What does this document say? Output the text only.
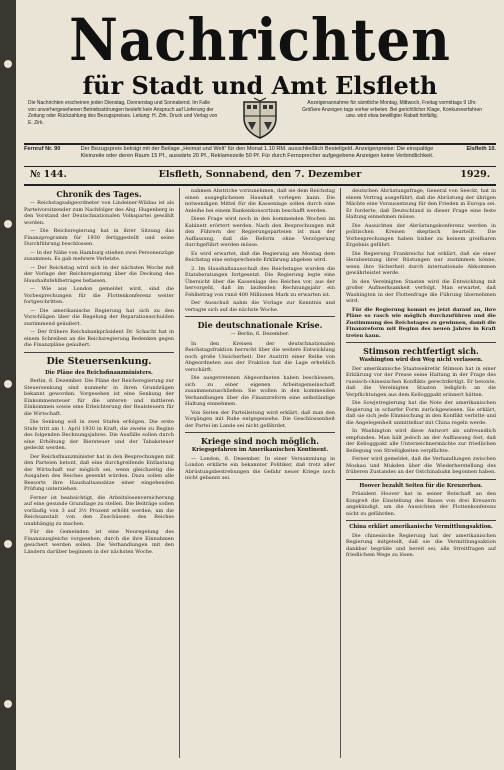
Nachrichten
für Stadt und Amt Elsfleth
Die Nachrichten erscheinen jeden Dienstag, Donnerstag und Sonnabend. Im Falle von unvorhergesehenen Betriebsstörungen besteht kein Anspruch auf Lieferung der Zeitung oder Rückzahlung des Bezugspreises. Leitung: H. Zirk. Druck und Verlag von E. Zirk.
Anzeigenannahme für sämtliche Montag, Mittwoch, Freitag vormittags 9 Uhr. Größere Anzeigen tags vorher erbeten. Bei gerichtlicher Klage, Konkursverfahren usw. wird etwa bewilligter Rabatt hinfällig.
Fernruf Nr. 90	Der Bezugspreis beträgt mit der Beilage „Heimat und Welt“ für den Monat 1.10 RM. ausschließlich Bestellgeld. Anzeigenpreise: Die einspaltige Kleinzeile oder deren Raum 15 Pf., auswärts 20 Pf., Reklamezeile 50 Pf. Für durch Fernsprecher aufgegebene Anzeigen keine Verbindlichkeit.
Elsfleth 10.
№ 144.	Elsfleth, Sonnabend, den 7. Dezember	1929.
Chronik des Tages.

— Reichstagsabgeordneter von Lindeiner-Wildau ist als Parteivorsitzender zum Nachfolger des Abg. Hugenberg in den Vorstand der Deutschnationalen Volkspartei gewählt worden.

— Die Reichsregierung hat in ihrer Sitzung das Finanzprogramm für 1930 fertiggestellt und seine Durchführung beschlossen.

— In der Nähe von Hamburg stießen zwei Personenzüge zusammen. Es gab mehrere Verletzte.

— Der Reichstag wird sich in der nächsten Woche mit der Vorlage der Reichsregierung über die Deckung des Haushaltsfehlbetrages befassen.

— Wie aus London gemeldet wird, sind die Vorbesprechungen für die Flottenkonferenz weiter fortgeschritten.

— Die amerikanische Regierung hat sich zu den Vorschlägen über die Regelung der Reparationsschulden zustimmend geäußert.

— Der frühere Reichsbankpräsident Dr. Schacht hat in einem Schreiben an die Reichsregierung Bedenken gegen die Finanzpläne geäußert.

Die Steuersenkung.
Die Pläne des Reichsfinanzministers.

Berlin, 6. Dezember. Die Pläne der Reichsregierung zur Steuersenkung sind nunmehr in ihren Grundzügen bekannt geworden. Vorgesehen ist eine Senkung der Einkommensteuer für die unteren und mittleren Einkommen sowie eine Erleichterung der Realsteuern für die Wirtschaft.

Die Senkung soll in zwei Stufen erfolgen. Die erste Stufe tritt am 1. April 1930 in Kraft, die zweite zu Beginn des folgenden Rechnungsjahres. Die Ausfälle sollen durch eine Erhöhung der Biersteuer und der Tabaksteuer gedeckt werden.

Der Reichsfinanzminister hat in den Besprechungen mit den Parteien betont, daß eine durchgreifende Entlastung der Wirtschaft nur möglich sei, wenn gleichzeitig die Ausgaben des Reiches gesenkt würden. Dazu sollen alle Ressorts ihre Haushaltsansätze einer eingehenden Prüfung unterziehen.

Ferner ist beabsichtigt, die Arbeitslosenversicherung auf eine gesunde Grundlage zu stellen. Die Beiträge sollen vorläufig von 3 auf 3½ Prozent erhöht werden, um die Reichsanstalt von den Zuschüssen des Reiches unabhängig zu machen.

Für die Gemeinden ist eine Neuregelung des Finanzausgleichs vorgesehen, durch die ihre Einnahmen gesichert werden sollen. Die Verhandlungen mit den Ländern darüber beginnen in der nächsten Woche.

nahmen Abstriche vorzunehmen, daß sie dem Reichstag einen ausgeglichenen Haushalt vorlegen kann. Die notwendigen Mittel für die Kassenlage sollen durch eine Anleihe bei einem Bankenkonsortium beschafft werden.

Diese Frage wird noch in den kommenden Wochen im Kabinett erörtert werden. Nach den Besprechungen mit den Führern der Regierungsparteien ist man der Auffassung, daß die Reform ohne Verzögerung durchgeführt werden müsse.

Es wird erwartet, daß die Regierung am Montag dem Reichstag eine entsprechende Erklärung abgeben wird.

2. Im Haushaltsausschuß des Reichstages wurden die Etatsberatungen fortgesetzt. Die Regierung legte eine Übersicht über die Kassenlage des Reiches vor, aus der hervorgeht, daß im laufenden Rechnungsjahr ein Fehlbetrag von rund 400 Millionen Mark zu erwarten ist.

Der Ausschuß nahm die Vorlage zur Kenntnis und vertagte sich auf die nächste Woche.

Die deutschnationale Krise.
— Berlin, 6. Dezember.

In den Kreisen der deutschnationalen Reichstagsfraktion herrscht über die weitere Entwicklung noch große Unsicherheit. Der Austritt einer Reihe von Abgeordneten aus der Fraktion hat die Lage erheblich verschärft.

Die ausgetretenen Abgeordneten haben beschlossen, sich zu einer eigenen Arbeitsgemeinschaft zusammenzuschließen. Sie wollen in den kommenden Verhandlungen über die Finanzreform eine selbständige Haltung einnehmen.

Von Seiten der Parteileitung wird erklärt, daß man den Vorgängen mit Ruhe entgegensehe. Die Geschlossenheit der Partei im Lande sei nicht gefährdet.

Kriege sind noch möglich.
Kriegsgefahren im Amerikanischen Kontinent.

— London, 6. Dezember. In einer Versammlung in London erklärte ein bekannter Politiker, daß trotz aller Abrüstungsbestrebungen die Gefahr neuer Kriege noch nicht gebannt sei.

deutschen Abrüstungsfrage, General von Seeckt, hat in einem Vortrag ausgeführt, daß die Abrüstung der übrigen Mächte eine Voraussetzung für den Frieden in Europa sei. Er forderte, daß Deutschland in dieser Frage eine feste Haltung einnehmen müsse.

Die Aussichten der Abrüstungskonferenz werden in politischen Kreisen skeptisch beurteilt. Die Vorbesprechungen haben bisher zu keinem greifbaren Ergebnis geführt.

Die Regierung Frankreichs hat erklärt, daß sie einer Herabsetzung ihrer Rüstungen nur zustimmen könne, wenn ihre Sicherheit durch internationale Abkommen gewährleistet werde.

In den Vereinigten Staaten wird die Entwicklung mit großer Aufmerksamkeit verfolgt. Man erwartet, daß Washington in der Flottenfrage die Führung übernehmen wird.

Für die Regierung kommt es jetzt darauf an, ihre Pläne so rasch wie möglich durchzuführen und die Zustimmung des Reichstages zu gewinnen, damit die Finanzreform mit Beginn des neuen Jahres in Kraft treten kann.

Stimson rechtfertigt sich.
Washington wird den Weg nicht verlassen.

Der amerikanische Staatssekretär Stimson hat in einer Erklärung vor der Presse seine Haltung in der Frage des russisch-chinesischen Konflikts gerechtfertigt. Er betonte, daß die Vereinigten Staaten lediglich an die Verpflichtungen aus dem Kelloggpakt erinnert hätten.

Die Sowjetregierung hat die Note der amerikanischen Regierung in scharfer Form zurückgewiesen. Sie erklärt, daß sie sich jede Einmischung in den Konflikt verbitte und die Angelegenheit unmittelbar mit China regeln werde.

In Washington wird diese Antwort als unfreundlich empfunden. Man hält jedoch an der Auffassung fest, daß der Kelloggpakt alle Unterzeichnermächte zur friedlichen Beilegung von Streitigkeiten verpflichte.

Ferner wird gemeldet, daß die Verhandlungen zwischen Moskau und Mukden über die Wiederherstellung des früheren Zustandes an der Ostchinabahn begonnen haben.

Hoover bezahlt Seiten für die Kreuzerbau.

Präsident Hoover hat in seiner Botschaft an den Kongreß die Einstellung des Baues von drei Kreuzern angekündigt, um die Aussichten der Flottenkonferenz nicht zu gefährden.

China erklärt amerikanische Vermittlungsaktion.

Die chinesische Regierung hat der amerikanischen Regierung mitgeteilt, daß sie die Vermittlungsaktion dankbar begrüße und bereit sei, alle Streitfragen auf friedlichem Wege zu lösen.
